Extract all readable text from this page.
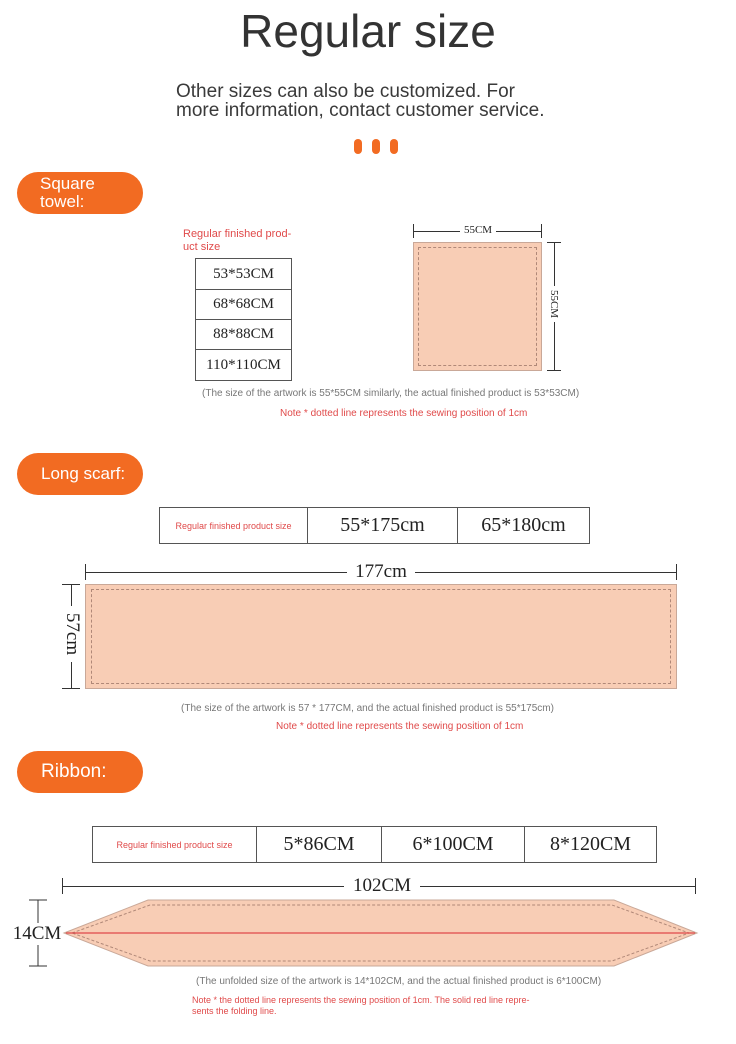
Regular size
Other sizes can also be customized. For
more information, contact customer service.
Square
towel:
Regular finished prod-
uct size
53*53CM
68*68CM
88*88CM
110*110CM
55CM
55CM
(The size of the artwork is 55*55CM similarly, the actual finished product is 53*53CM)
Note * dotted line represents the sewing position of 1cm
Long scarf:
Regular finished product size	55*175cm	65*180cm
177cm
57cm
(The size of the artwork is 57 * 177CM, and the actual finished product is 55*175cm)
Note * dotted line represents the sewing position of 1cm
Ribbon:
Regular finished product size	5*86CM	6*100CM	8*120CM
102CM
14CM
(The unfolded size of the artwork is 14*102CM, and the actual finished product is 6*100CM)
Note * the dotted line represents the sewing position of 1cm. The solid red line repre-
sents the folding line.
